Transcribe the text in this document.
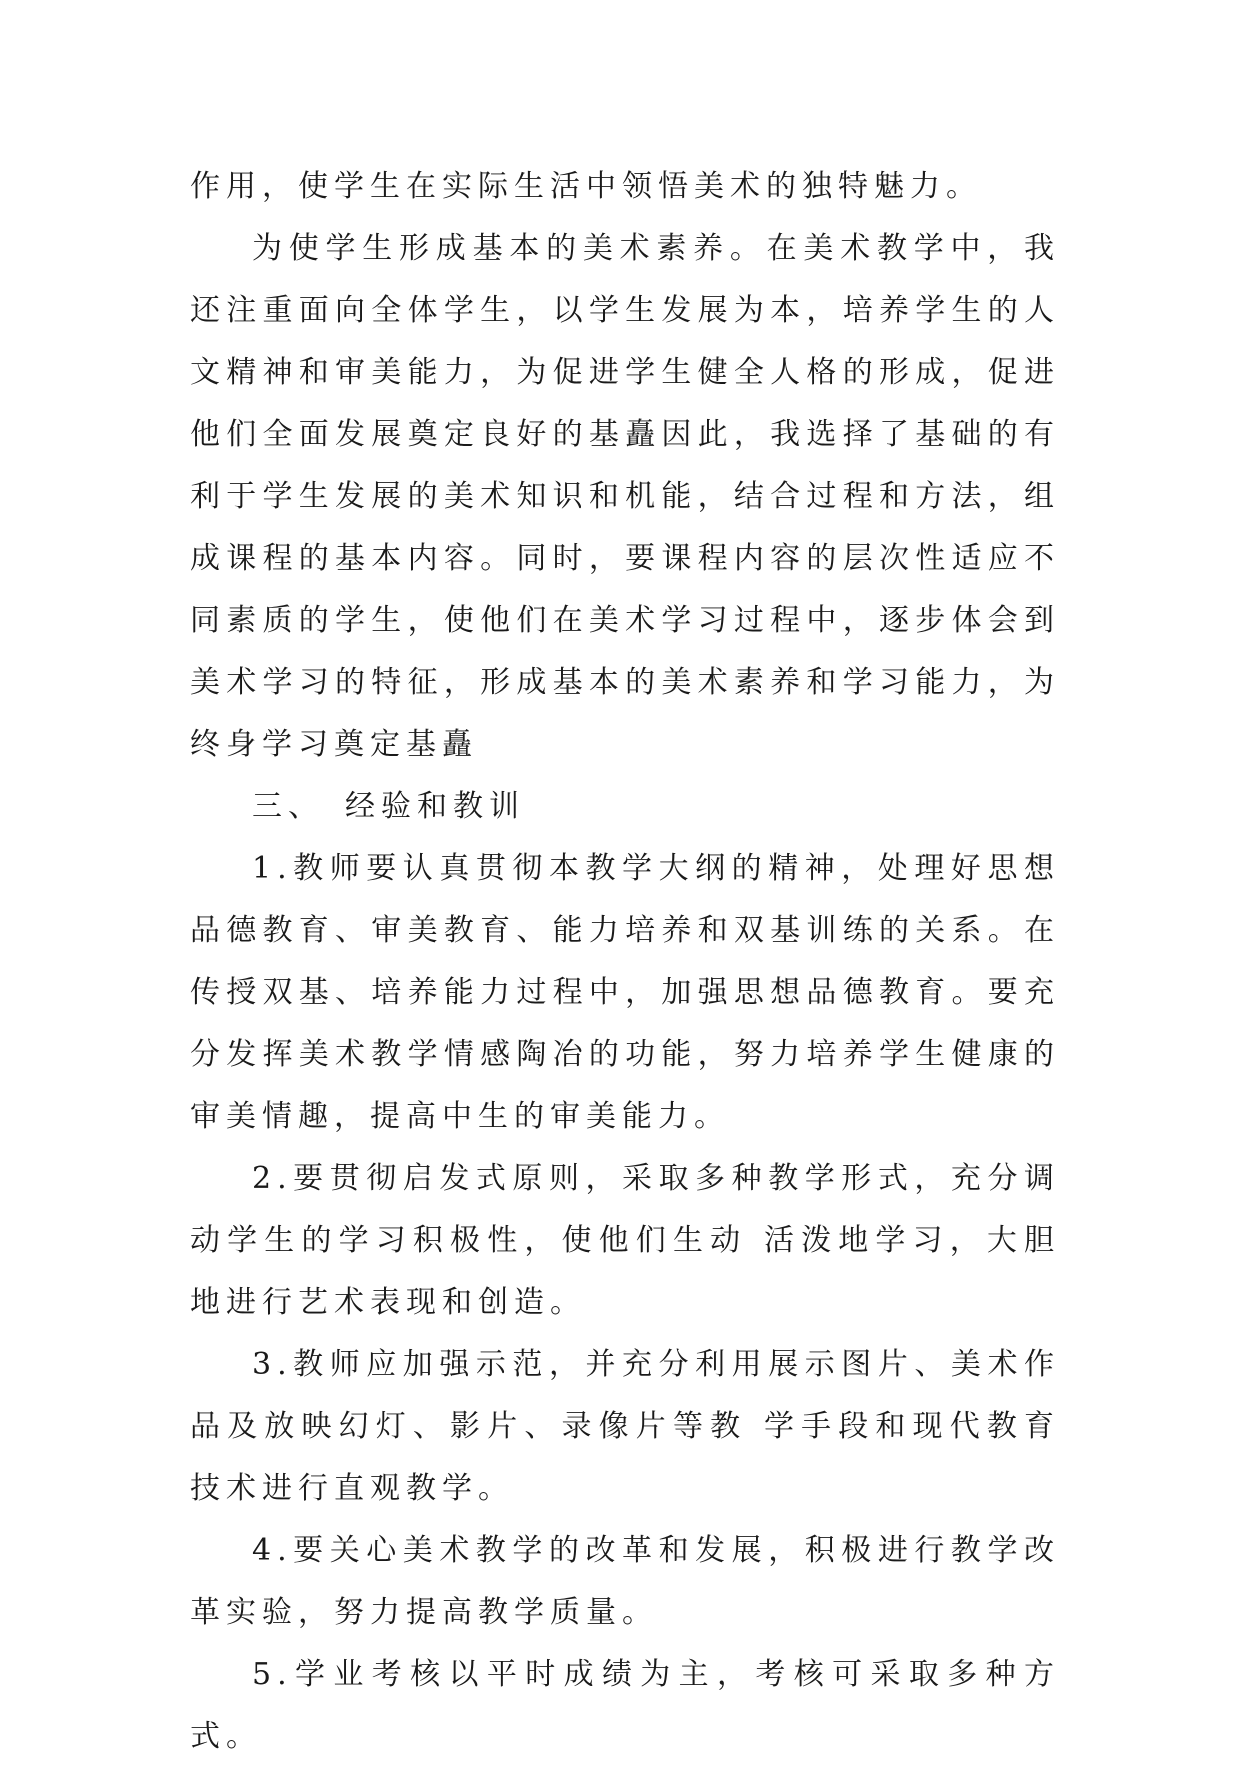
作用，使学生在实际生活中领悟美术的独特魅力。

为使学生形成基本的美术素养。在美术教学中，我还注重面向全体学生，以学生发展为本，培养学生的人文精神和审美能力，为促进学生健全人格的形成，促进他们全面发展奠定良好的基矗因此，我选择了基础的有利于学生发展的美术知识和机能，结合过程和方法，组成课程的基本内容。同时，要课程内容的层次性适应不同素质的学生，使他们在美术学习过程中，逐步体会到美术学习的特征，形成基本的美术素养和学习能力，为终身学习奠定基矗

三、　经验和教训

1.教师要认真贯彻本教学大纲的精神，处理好思想品德教育、审美教育、能力培养和双基训练的关系。在传授双基、培养能力过程中，加强思想品德教育。要充分发挥美术教学情感陶冶的功能，努力培养学生健康的审美情趣，提高中生的审美能力。

2.要贯彻启发式原则，采取多种教学形式，充分调动学生的学习积极性，使他们生动 活泼地学习，大胆地进行艺术表现和创造。

3.教师应加强示范，并充分利用展示图片、美术作品及放映幻灯、影片、录像片等教 学手段和现代教育技术进行直观教学。

4.要关心美术教学的改革和发展，积极进行教学改革实验，努力提高教学质量。

5.学业考核以平时成绩为主，考核可采取多种方式。
